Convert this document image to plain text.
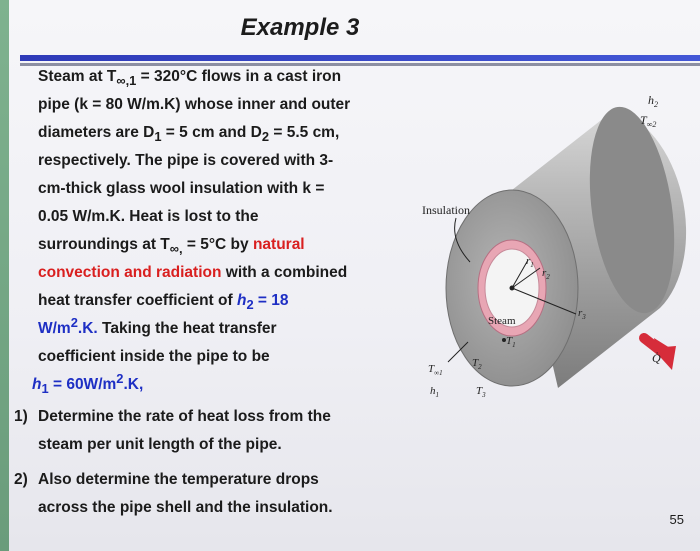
Example 3
Steam at $T_{\infty,1} = 320^\circ C$ flows in a cast iron
pipe (k = 80 W/m.K) whose inner and outer
diameters are $D_1 = 5$ cm and $D_2 = 5.5$ cm,
respectively. The pipe is covered with 3-
cm-thick glass wool insulation with k =
0.05 W/m.K. Heat is lost to the
surroundings at $T_{\infty,} = 5^\circ C$ by natural
convection and radiation with a combined
heat transfer coefficient of $h_2 = 18$
$W/m^2.K$. Taking the heat transfer
coefficient inside the pipe to be
$h_1 = 60W/m^2.K$,
1) Determine the rate of heat loss from the
steam per unit length of the pipe.
2) Also determine the temperature drops
across the pipe shell and the insulation.
55
Insulation
Steam
$h_2$
$T_{\infty 2}$
$r_1$
$r_2$
$r_3$
$T_1$
$T_2$
$T_3$
$T_{\infty 1}$
$h_1$
Q̇
